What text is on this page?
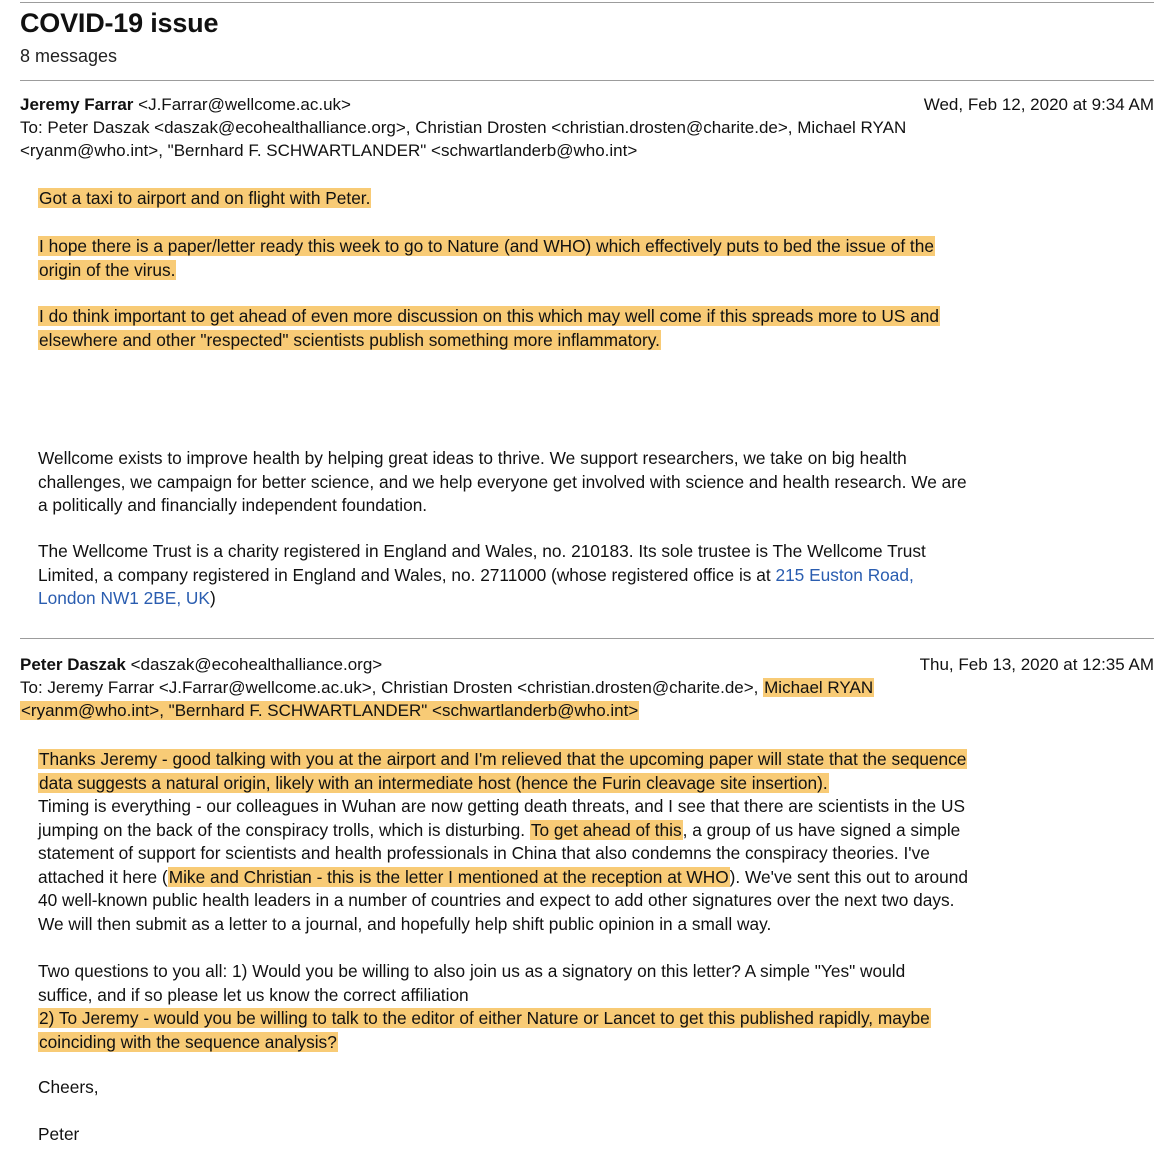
COVID-19 issue
8 messages
Jeremy Farrar <J.Farrar@wellcome.ac.uk>	Wed, Feb 12, 2020 at 9:34 AM
To: Peter Daszak <daszak@ecohealthalliance.org>, Christian Drosten <christian.drosten@charite.de>, Michael RYAN
<ryanm@who.int>, "Bernhard F. SCHWARTLANDER" <schwartlanderb@who.int>

Got a taxi to airport and on flight with Peter.

I hope there is a paper/letter ready this week to go to Nature (and WHO) which effectively puts to bed the issue of the

origin of the virus.

I do think important to get ahead of even more discussion on this which may well come if this spreads more to US and

elsewhere and other "respected" scientists publish something more inflammatory.

Wellcome exists to improve health by helping great ideas to thrive. We support researchers, we take on big health

challenges, we campaign for better science, and we help everyone get involved with science and health research. We are

a politically and financially independent foundation.

The Wellcome Trust is a charity registered in England and Wales, no. 210183. Its sole trustee is The Wellcome Trust

Limited, a company registered in England and Wales, no. 2711000 (whose registered office is at 215 Euston Road,

London NW1 2BE, UK)

Peter Daszak <daszak@ecohealthalliance.org>	Thu, Feb 13, 2020 at 12:35 AM
To: Jeremy Farrar <J.Farrar@wellcome.ac.uk>, Christian Drosten <christian.drosten@charite.de>, Michael RYAN
<ryanm@who.int>, "Bernhard F. SCHWARTLANDER" <schwartlanderb@who.int>

Thanks Jeremy - good talking with you at the airport and I'm relieved that the upcoming paper will state that the sequence

data suggests a natural origin, likely with an intermediate host (hence the Furin cleavage site insertion).

Timing is everything - our colleagues in Wuhan are now getting death threats, and I see that there are scientists in the US

jumping on the back of the conspiracy trolls, which is disturbing. To get ahead of this, a group of us have signed a simple

statement of support for scientists and health professionals in China that also condemns the conspiracy theories. I've

attached it here (Mike and Christian - this is the letter I mentioned at the reception at WHO). We've sent this out to around

40 well-known public health leaders in a number of countries and expect to add other signatures over the next two days.

We will then submit as a letter to a journal, and hopefully help shift public opinion in a small way.

Two questions to you all: 1) Would you be willing to also join us as a signatory on this letter? A simple "Yes" would

suffice, and if so please let us know the correct affiliation

2) To Jeremy - would you be willing to talk to the editor of either Nature or Lancet to get this published rapidly, maybe

coinciding with the sequence analysis?

Cheers,
Peter
